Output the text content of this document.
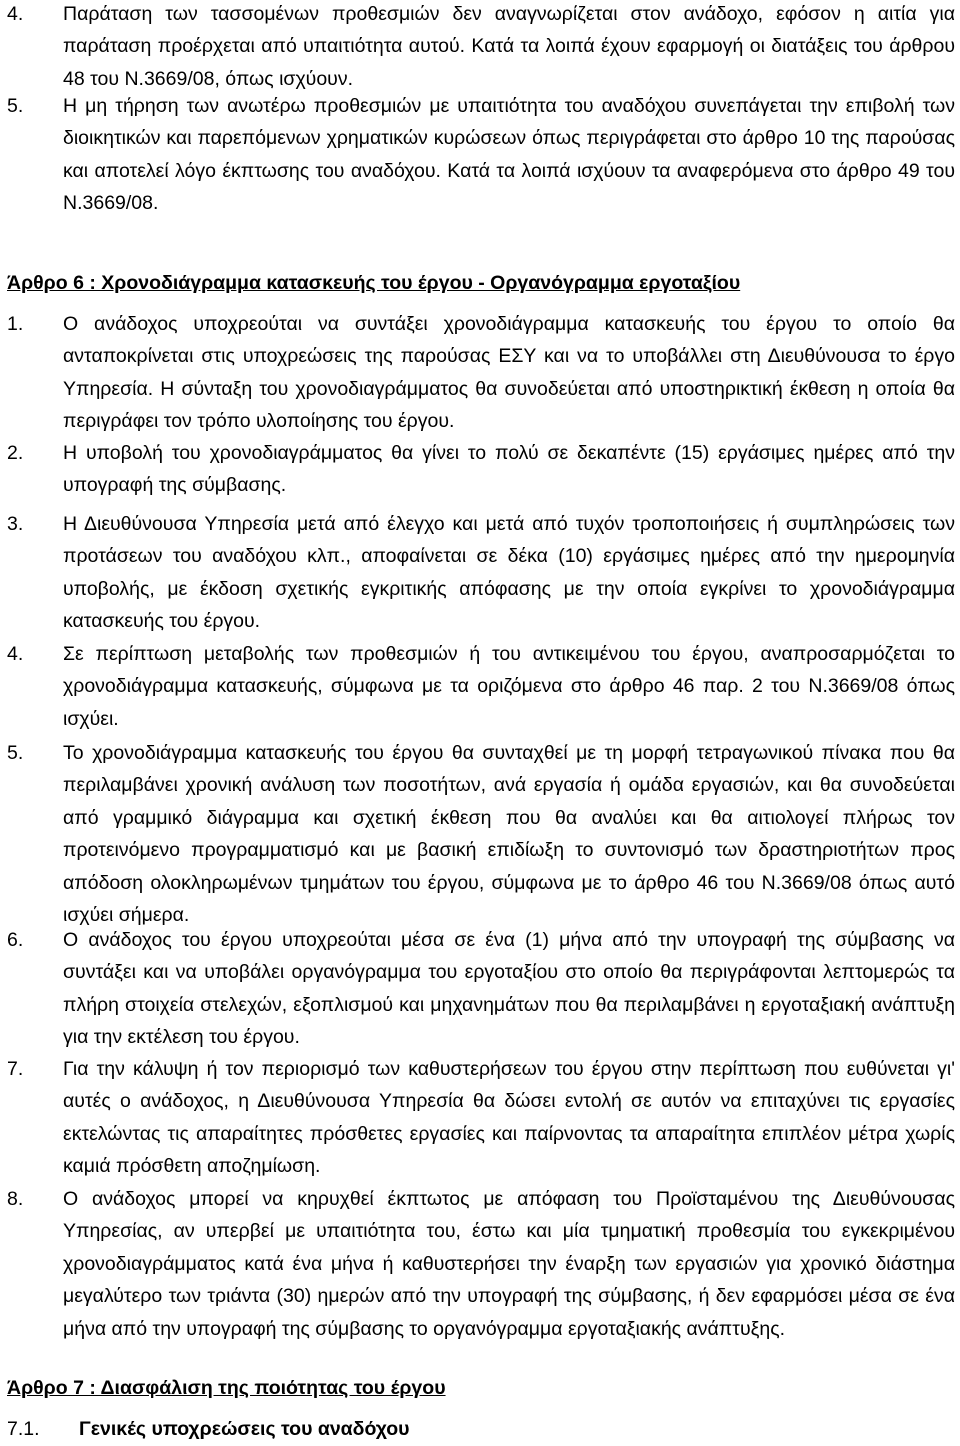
4. Παράταση των τασσομένων προθεσμιών δεν αναγνωρίζεται στον ανάδοχο, εφόσον η αιτία για παράταση προέρχεται από υπαιτιότητα αυτού. Κατά τα λοιπά έχουν εφαρμογή οι διατάξεις του άρθρου 48 του Ν.3669/08, όπως ισχύουν.
5. Η μη τήρηση των ανωτέρω προθεσμιών με υπαιτιότητα του αναδόχου συνεπάγεται την επιβολή των διοικητικών και παρεπόμενων χρηματικών κυρώσεων όπως περιγράφεται στο άρθρο 10 της παρούσας και αποτελεί λόγο έκπτωσης του αναδόχου. Κατά τα λοιπά ισχύουν τα αναφερόμενα στο άρθρο 49 του Ν.3669/08.
Άρθρο 6 : Χρονοδιάγραμμα κατασκευής του έργου - Οργανόγραμμα εργοταξίου
1. Ο ανάδοχος υποχρεούται να συντάξει χρονοδιάγραμμα κατασκευής του έργου το οποίο θα ανταποκρίνεται στις υποχρεώσεις της παρούσας ΕΣΥ και να το υποβάλλει στη Διευθύνουσα το έργο Υπηρεσία. Η σύνταξη του χρονοδιαγράμματος θα συνοδεύεται από υποστηρικτική έκθεση η οποία θα περιγράφει τον τρόπο υλοποίησης του έργου.
2. Η υποβολή του χρονοδιαγράμματος θα γίνει το πολύ σε δεκαπέντε (15) εργάσιμες ημέρες από την υπογραφή της σύμβασης.
3. Η Διευθύνουσα Υπηρεσία μετά από έλεγχο και μετά από τυχόν τροποποιήσεις ή συμπληρώσεις των προτάσεων του αναδόχου κλπ., αποφαίνεται σε δέκα (10) εργάσιμες ημέρες από την ημερομηνία υποβολής, με έκδοση σχετικής εγκριτικής απόφασης με την οποία εγκρίνει το χρονοδιάγραμμα κατασκευής του έργου.
4. Σε περίπτωση μεταβολής των προθεσμιών ή του αντικειμένου του έργου, αναπροσαρμόζεται το χρονοδιάγραμμα κατασκευής, σύμφωνα με τα οριζόμενα στο άρθρο 46 παρ. 2 του Ν.3669/08 όπως ισχύει.
5. Το χρονοδιάγραμμα κατασκευής του έργου θα συνταχθεί με τη μορφή τετραγωνικού πίνακα που θα περιλαμβάνει χρονική ανάλυση των ποσοτήτων, ανά εργασία ή ομάδα εργασιών, και θα συνοδεύεται από γραμμικό διάγραμμα και σχετική έκθεση που θα αναλύει και θα αιτιολογεί πλήρως τον προτεινόμενο προγραμματισμό και με βασική επιδίωξη το συντονισμό των δραστηριοτήτων προς απόδοση ολοκληρωμένων τμημάτων του έργου, σύμφωνα με το άρθρο 46 του Ν.3669/08 όπως αυτό ισχύει σήμερα.
6. Ο ανάδοχος του έργου υποχρεούται μέσα σε ένα (1) μήνα από την υπογραφή της σύμβασης να συντάξει και να υποβάλει οργανόγραμμα του εργοταξίου στο οποίο θα περιγράφονται λεπτομερώς τα πλήρη στοιχεία στελεχών, εξοπλισμού και μηχανημάτων που θα περιλαμβάνει η εργοταξιακή ανάπτυξη για την εκτέλεση του έργου.
7. Για την κάλυψη ή τον περιορισμό των καθυστερήσεων του έργου στην περίπτωση που ευθύνεται γι' αυτές ο ανάδοχος, η Διευθύνουσα Υπηρεσία θα δώσει εντολή σε αυτόν να επιταχύνει τις εργασίες εκτελώντας τις απαραίτητες πρόσθετες εργασίες και παίρνοντας τα απαραίτητα επιπλέον μέτρα χωρίς καμιά πρόσθετη αποζημίωση.
8. Ο ανάδοχος μπορεί να κηρυχθεί έκπτωτος με απόφαση του Προϊσταμένου της Διευθύνουσας Υπηρεσίας, αν υπερβεί με υπαιτιότητα του, έστω και μία τμηματική προθεσμία του εγκεκριμένου χρονοδιαγράμματος κατά ένα μήνα ή καθυστερήσει την έναρξη των εργασιών για χρονικό διάστημα μεγαλύτερο των τριάντα (30) ημερών από την υπογραφή της σύμβασης, ή δεν εφαρμόσει μέσα σε ένα μήνα από την υπογραφή της σύμβασης το οργανόγραμμα εργοταξιακής ανάπτυξης.
Άρθρο 7 : Διασφάλιση της ποιότητας του έργου
7.1. Γενικές υποχρεώσεις του αναδόχου
